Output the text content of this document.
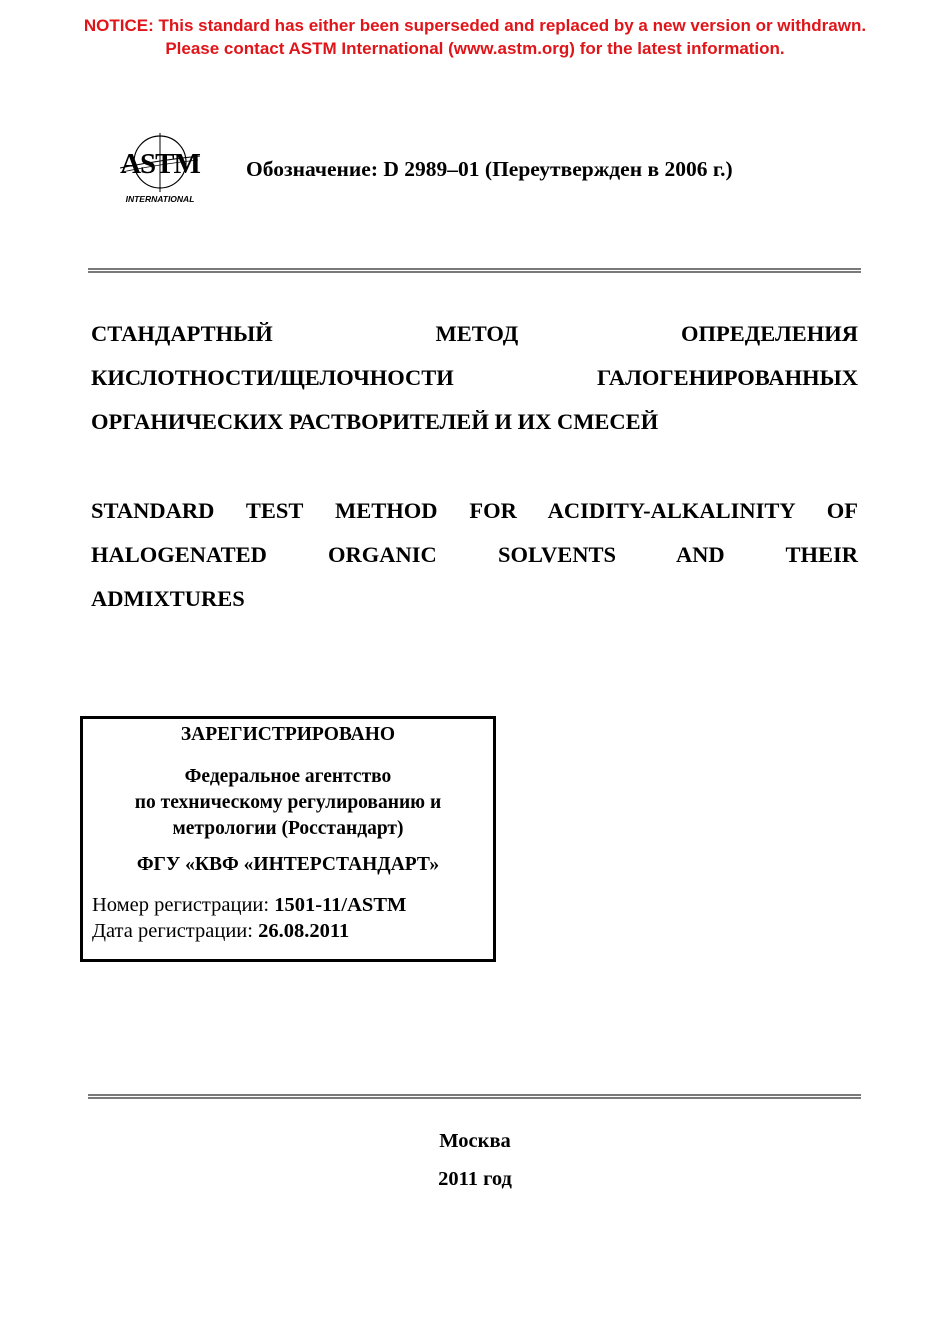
NOTICE: This standard has either been superseded and replaced by a new version or withdrawn.
Please contact ASTM International (www.astm.org) for the latest information.
ASTM
INTERNATIONAL
Обозначение: D 2989–01 (Переутвержден в 2006 г.)
СТАНДАРТНЫЙ МЕТОД ОПРЕДЕЛЕНИЯ
КИСЛОТНОСТИ/ЩЕЛОЧНОСТИ ГАЛОГЕНИРОВАННЫХ
ОРГАНИЧЕСКИХ РАСТВОРИТЕЛЕЙ И ИХ СМЕСЕЙ
STANDARD TEST METHOD FOR ACIDITY-ALKALINITY OF
HALOGENATED ORGANIC SOLVENTS AND THEIR
ADMIXTURES
ЗАРЕГИСТРИРОВАНО
Федеральное агентство
по техническому регулированию и
метрологии (Росстандарт)
ФГУ «КВФ «ИНТЕРСТАНДАРТ»
Номер регистрации: 1501-11/ASTM
Дата регистрации: 26.08.2011
Москва
2011 год
